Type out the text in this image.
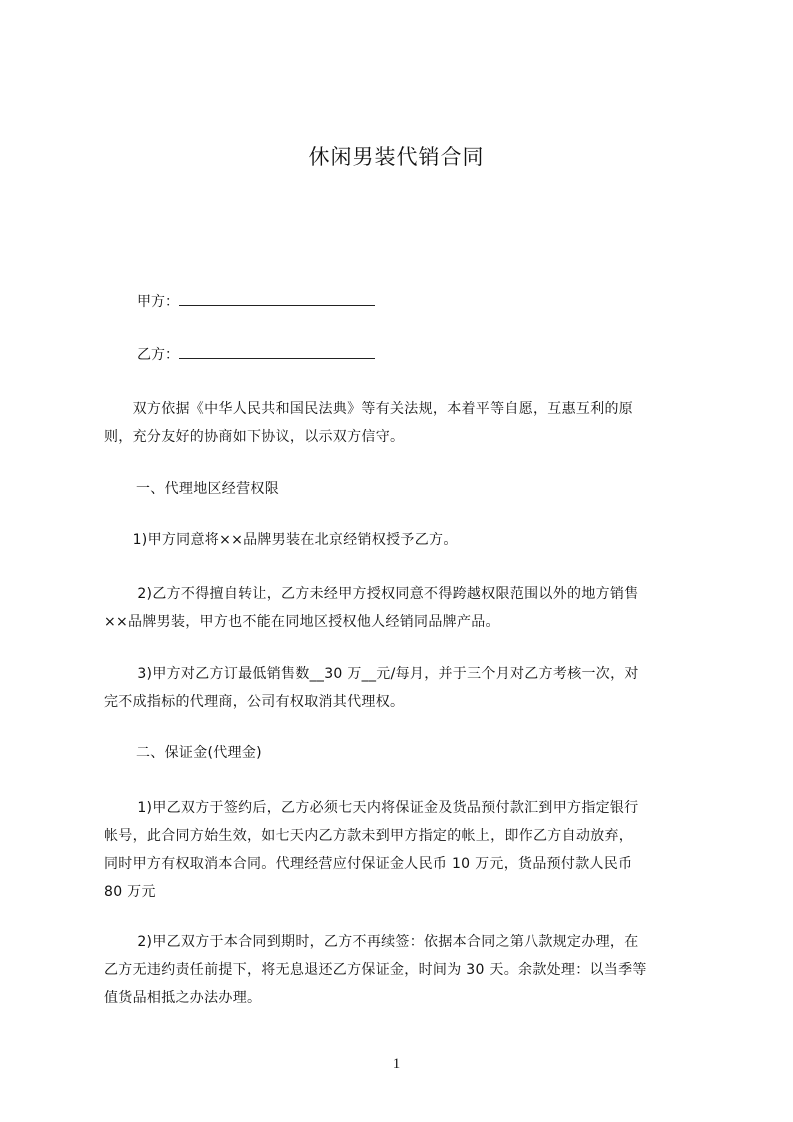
休闲男装代销合同
甲方：
乙方：
　　双方依据《中华人民共和国民法典》等有关法规，本着平等自愿，互惠互利的原
则，充分友好的协商如下协议，以示双方信守。
一、代理地区经营权限
　　1)甲方同意将××品牌男装在北京经销权授予乙方。
　　 2)乙方不得擅自转让，乙方未经甲方授权同意不得跨越权限范围以外的地方销售
××品牌男装，甲方也不能在同地区授权他人经销同品牌产品。
　　 3)甲方对乙方订最低销售数__30 万__元/每月，并于三个月对乙方考核一次，对
完不成指标的代理商，公司有权取消其代理权。
二、保证金(代理金)
　　 1)甲乙双方于签约后，乙方必须七天内将保证金及货品预付款汇到甲方指定银行
帐号，此合同方始生效，如七天内乙方款未到甲方指定的帐上，即作乙方自动放弃，
同时甲方有权取消本合同。代理经营应付保证金人民币 10 万元，货品预付款人民币
80 万元
　　 2)甲乙双方于本合同到期时，乙方不再续签：依据本合同之第八款规定办理，在
乙方无违约责任前提下，将无息退还乙方保证金，时间为 30 天。余款处理：以当季等
值货品相抵之办法办理。
1
